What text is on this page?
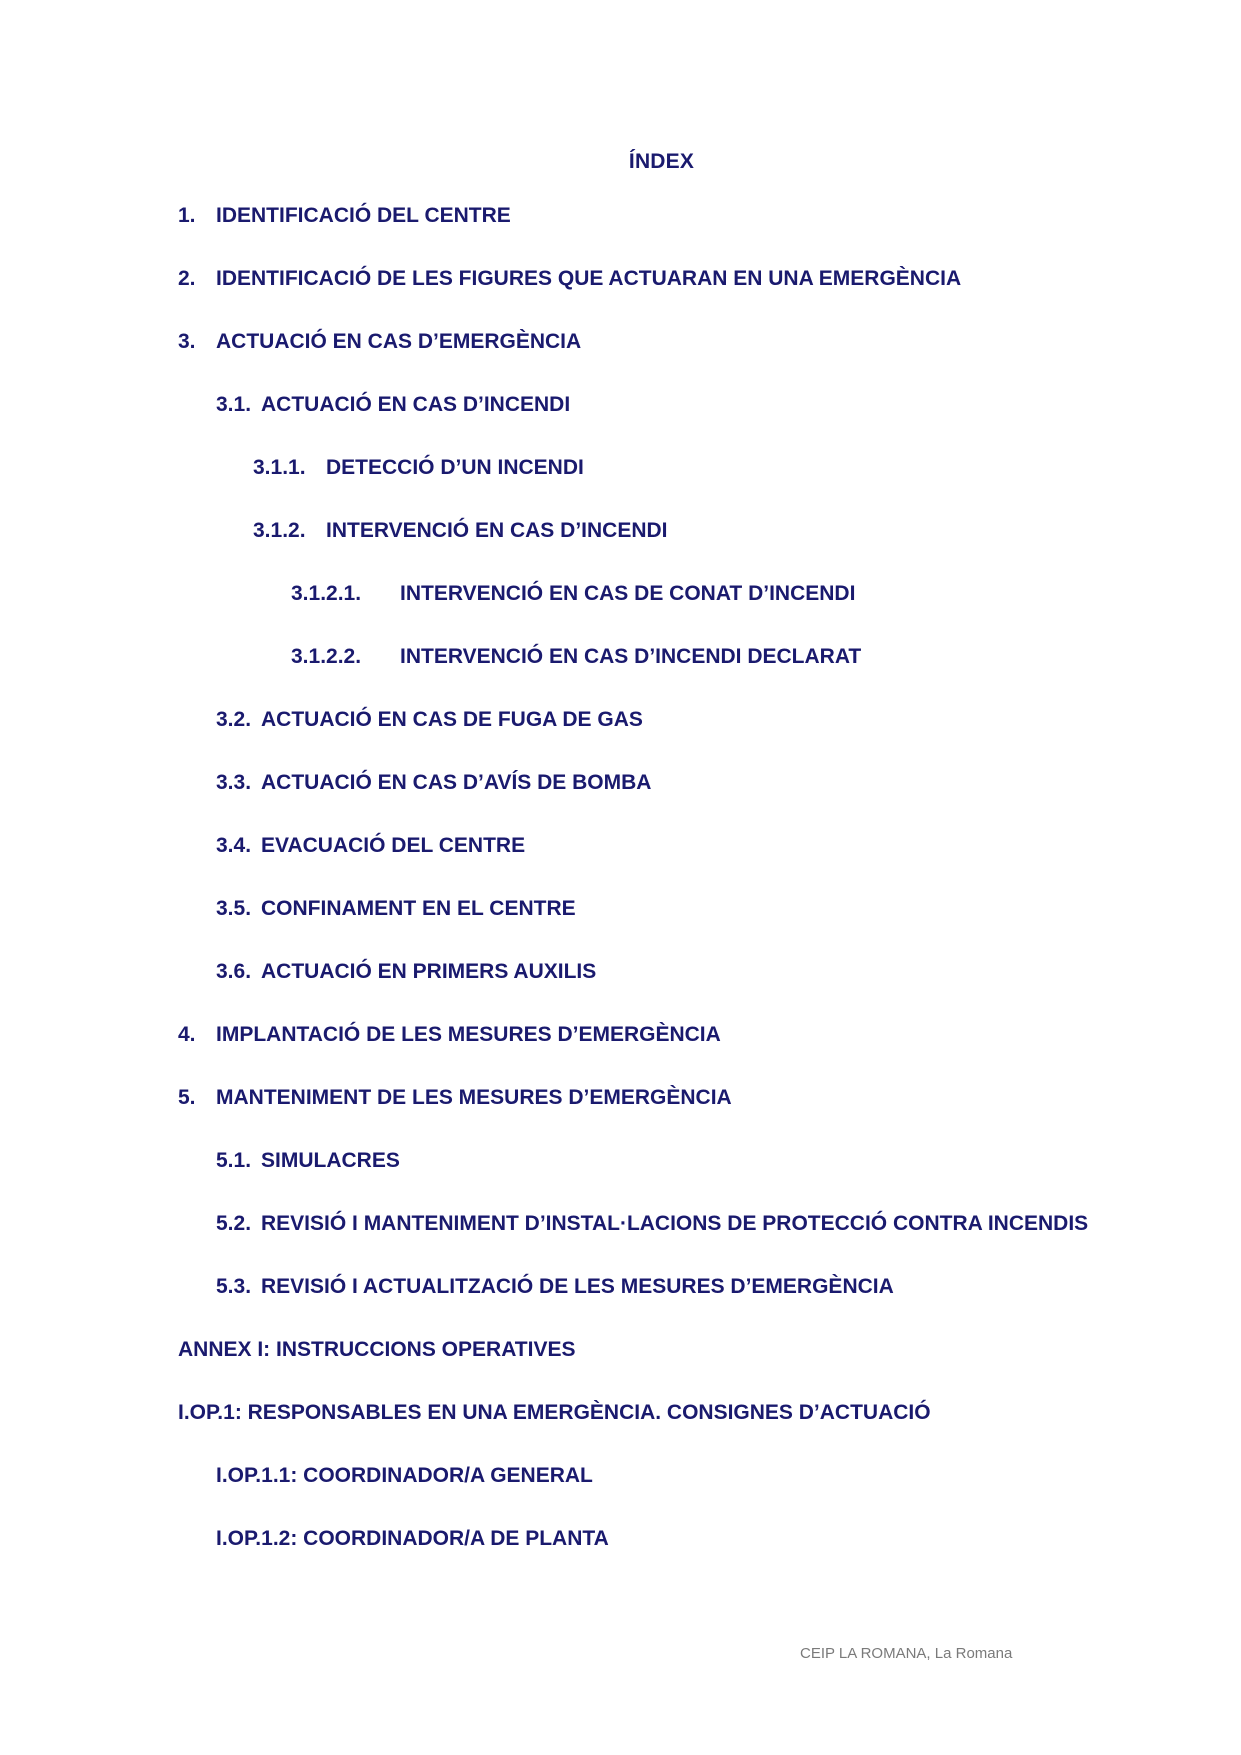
ÍNDEX
1. IDENTIFICACIÓ DEL CENTRE
2. IDENTIFICACIÓ DE LES FIGURES QUE ACTUARAN EN UNA EMERGÈNCIA
3. ACTUACIÓ EN CAS D’EMERGÈNCIA
3.1. ACTUACIÓ EN CAS D’INCENDI
3.1.1. DETECCIÓ D’UN INCENDI
3.1.2. INTERVENCIÓ EN CAS D’INCENDI
3.1.2.1. INTERVENCIÓ EN CAS DE CONAT D’INCENDI
3.1.2.2. INTERVENCIÓ EN CAS D’INCENDI DECLARAT
3.2. ACTUACIÓ EN CAS DE FUGA DE GAS
3.3. ACTUACIÓ EN CAS D’AVÍS DE BOMBA
3.4. EVACUACIÓ DEL CENTRE
3.5. CONFINAMENT EN EL CENTRE
3.6. ACTUACIÓ EN PRIMERS AUXILIS
4. IMPLANTACIÓ DE LES MESURES D’EMERGÈNCIA
5. MANTENIMENT DE LES MESURES D’EMERGÈNCIA
5.1. SIMULACRES
5.2. REVISIÓ I MANTENIMENT D’INSTAL·LACIONS DE PROTECCIÓ CONTRA INCENDIS
5.3. REVISIÓ I ACTUALITZACIÓ DE LES MESURES D’EMERGÈNCIA
ANNEX I: INSTRUCCIONS OPERATIVES
I.OP.1: RESPONSABLES EN UNA EMERGÈNCIA. CONSIGNES D’ACTUACIÓ
I.OP.1.1: COORDINADOR/A GENERAL
I.OP.1.2: COORDINADOR/A DE PLANTA
CEIP LA ROMANA, La Romana
